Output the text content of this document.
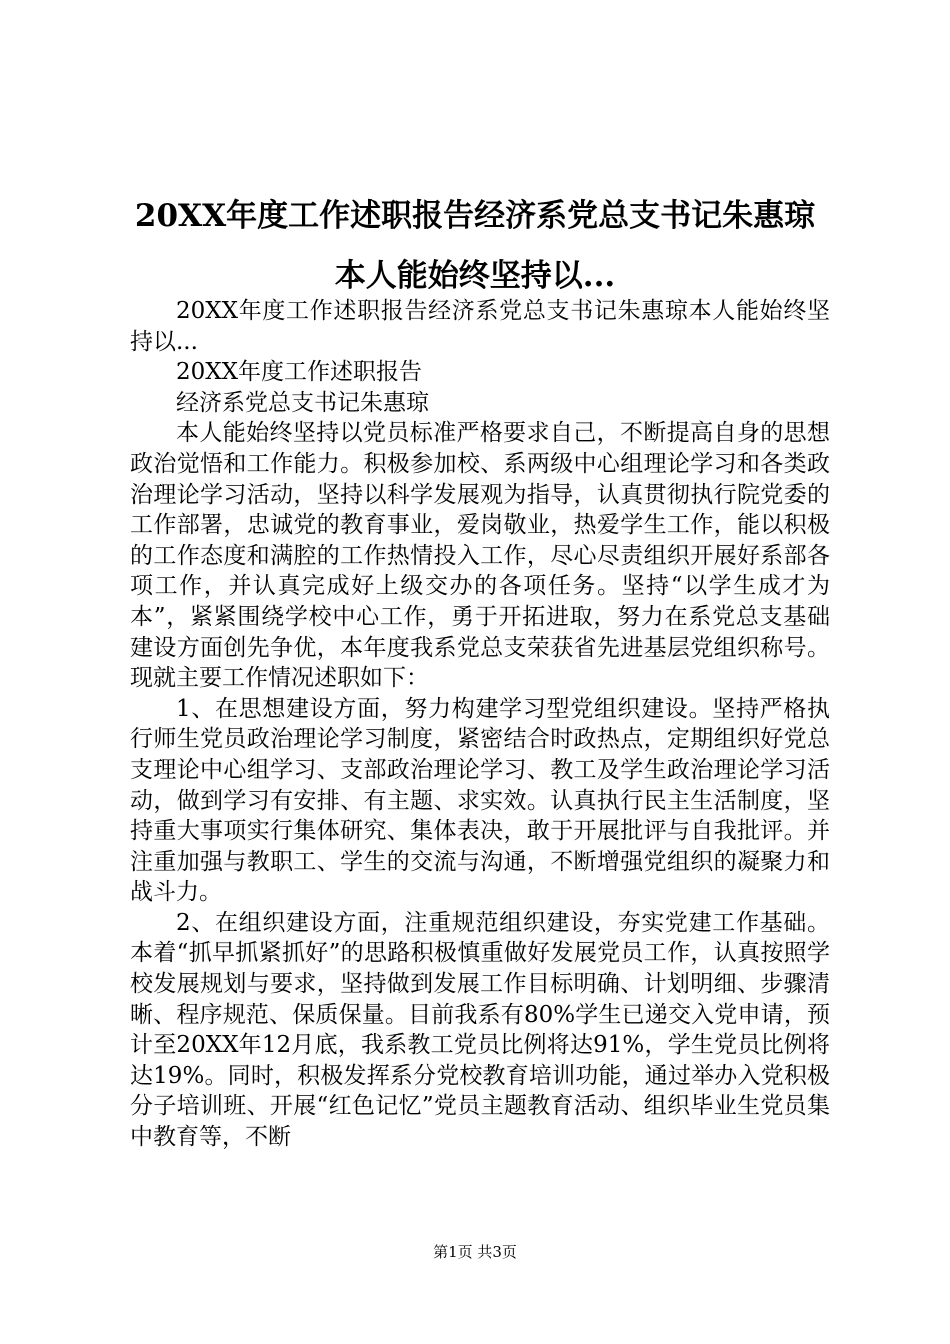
20XX年度工作述职报告经济系党总支书记朱惠琼本人能始终坚持以...

20XX年度工作述职报告经济系党总支书记朱惠琼本人能始终坚持以...

20XX年度工作述职报告

经济系党总支书记朱惠琼

本人能始终坚持以党员标准严格要求自己，不断提高自身的思想政治觉悟和工作能力。积极参加校、系两级中心组理论学习和各类政治理论学习活动，坚持以科学发展观为指导，认真贯彻执行院党委的工作部署，忠诚党的教育事业，爱岗敬业，热爱学生工作，能以积极的工作态度和满腔的工作热情投入工作，尽心尽责组织开展好系部各项工作，并认真完成好上级交办的各项任务。坚持“以学生成才为本”，紧紧围绕学校中心工作，勇于开拓进取，努力在系党总支基础建设方面创先争优，本年度我系党总支荣获省先进基层党组织称号。现就主要工作情况述职如下：

1、在思想建设方面，努力构建学习型党组织建设。坚持严格执行师生党员政治理论学习制度，紧密结合时政热点，定期组织好党总支理论中心组学习、支部政治理论学习、教工及学生政治理论学习活动，做到学习有安排、有主题、求实效。认真执行民主生活制度，坚持重大事项实行集体研究、集体表决，敢于开展批评与自我批评。并注重加强与教职工、学生的交流与沟通，不断增强党组织的凝聚力和战斗力。

2、在组织建设方面，注重规范组织建设，夯实党建工作基础。本着“抓早抓紧抓好”的思路积极慎重做好发展党员工作，认真按照学校发展规划与要求，坚持做到发展工作目标明确、计划明细、步骤清晰、程序规范、保质保量。目前我系有80%学生已递交入党申请，预计至20XX年12月底，我系教工党员比例将达91%，学生党员比例将达19%。同时，积极发挥系分党校教育培训功能，通过举办入党积极分子培训班、开展“红色记忆”党员主题教育活动、组织毕业生党员集中教育等，不断

第1页 共3页
